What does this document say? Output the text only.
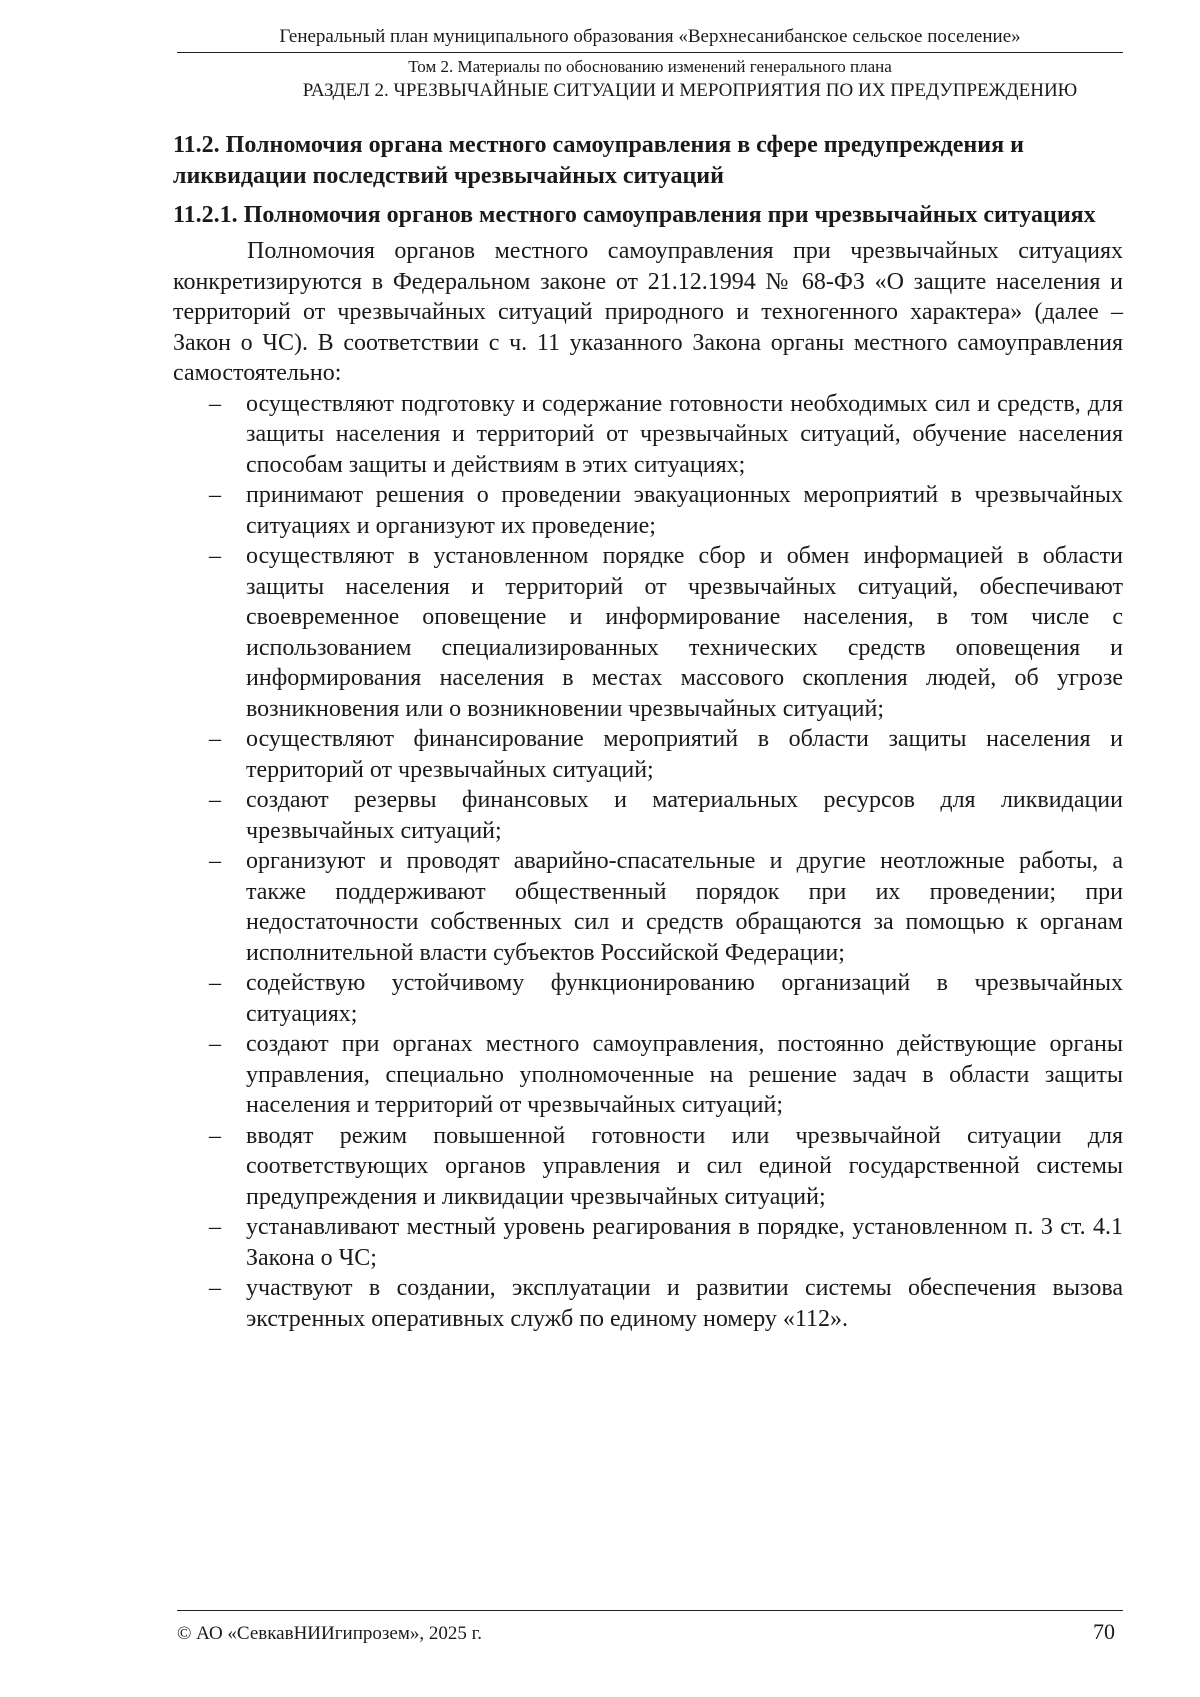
Генеральный план муниципального образования «Верхнесанибанское сельское поселение»
Том 2. Материалы по обоснованию изменений генерального плана
РАЗДЕЛ 2. ЧРЕЗВЫЧАЙНЫЕ СИТУАЦИИ И МЕРОПРИЯТИЯ ПО ИХ ПРЕДУПРЕЖДЕНИЮ
11.2. Полномочия органа местного самоуправления в сфере предупреждения и ликвидации последствий чрезвычайных ситуаций
11.2.1. Полномочия органов местного самоуправления при чрезвычайных ситуациях

Полномочия органов местного самоуправления при чрезвычайных ситуациях конкретизируются в Федеральном законе от 21.12.1994 № 68-ФЗ «О защите населения и территорий от чрезвычайных ситуаций природного и техногенного характера» (далее – Закон о ЧС). В соответствии с ч. 11 указанного Закона органы местного самоуправления самостоятельно:

– осуществляют подготовку и содержание готовности необходимых сил и средств, для защиты населения и территорий от чрезвычайных ситуаций, обучение населения способам защиты и действиям в этих ситуациях;
– принимают решения о проведении эвакуационных мероприятий в чрезвычайных ситуациях и организуют их проведение;
– осуществляют в установленном порядке сбор и обмен информацией в области защиты населения и территорий от чрезвычайных ситуаций, обеспечивают своевременное оповещение и информирование населения, в том числе с использованием специализированных технических средств оповещения и информирования населения в местах массового скопления людей, об угрозе возникновения или о возникновении чрезвычайных ситуаций;
– осуществляют финансирование мероприятий в области защиты населения и территорий от чрезвычайных ситуаций;
– создают резервы финансовых и материальных ресурсов для ликвидации чрезвычайных ситуаций;
– организуют и проводят аварийно-спасательные и другие неотложные работы, а также поддерживают общественный порядок при их проведении; при недостаточности собственных сил и средств обращаются за помощью к органам исполнительной власти субъектов Российской Федерации;
– содействую устойчивому функционированию организаций в чрезвычайных ситуациях;
– создают при органах местного самоуправления, постоянно действующие органы управления, специально уполномоченные на решение задач в области защиты населения и территорий от чрезвычайных ситуаций;
– вводят режим повышенной готовности или чрезвычайной ситуации для соответствующих органов управления и сил единой государственной системы предупреждения и ликвидации чрезвычайных ситуаций;
– устанавливают местный уровень реагирования в порядке, установленном п. 3 ст. 4.1 Закона о ЧС;
– участвуют в создании, эксплуатации и развитии системы обеспечения вызова экстренных оперативных служб по единому номеру «112».
© АО «СевкавНИИгипрозем», 2025 г.	70
